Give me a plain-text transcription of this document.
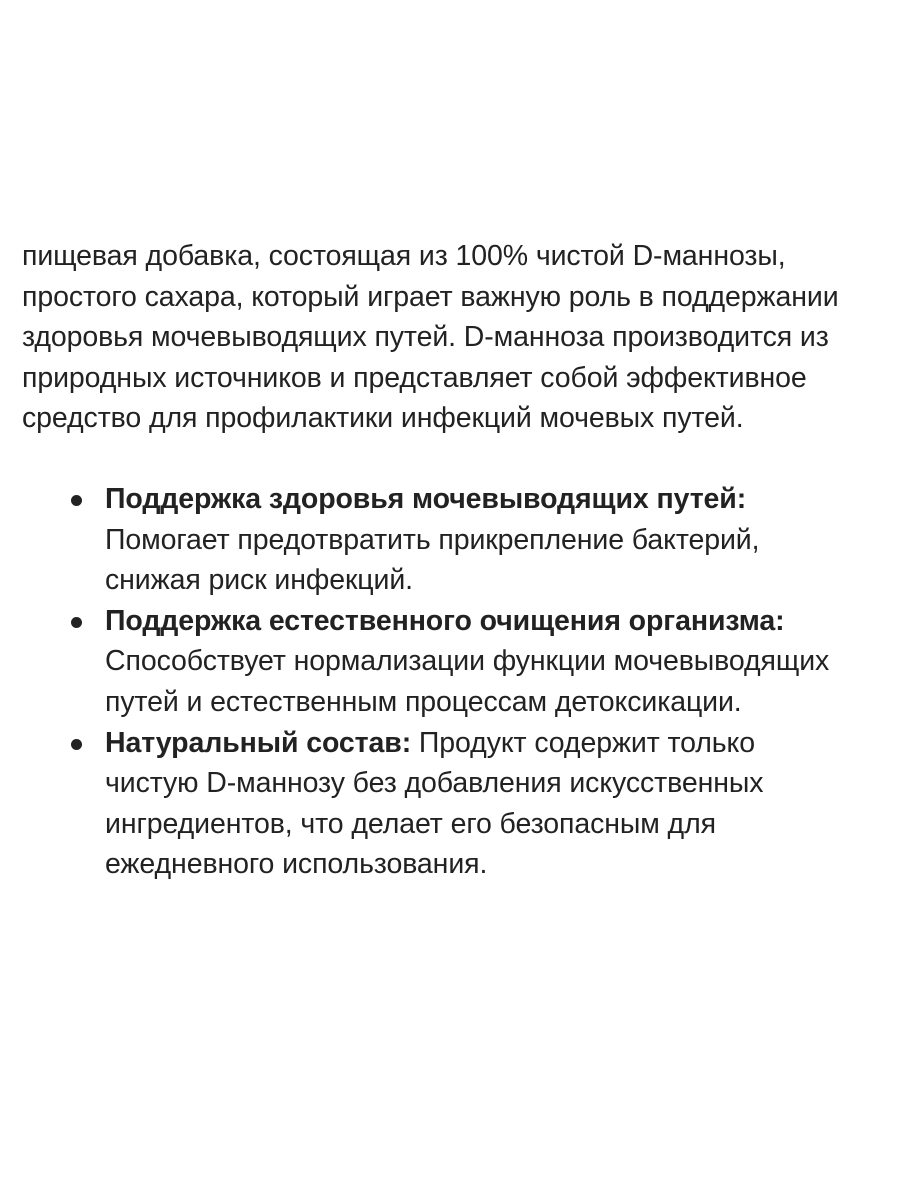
пищевая добавка, состоящая из 100% чистой D-маннозы, простого сахара, который играет важную роль в поддержании здоровья мочевыводящих путей. D-манноза производится из природных источников и представляет собой эффективное средство для профилактики инфекций мочевых путей.

Поддержка здоровья мочевыводящих путей: Помогает предотвратить прикрепление бактерий, снижая риск инфекций.
Поддержка естественного очищения организма: Способствует нормализации функции мочевыводящих путей и естественным процессам детоксикации.
Натуральный состав: Продукт содержит только чистую D-маннозу без добавления искусственных ингредиентов, что делает его безопасным для ежедневного использования.
